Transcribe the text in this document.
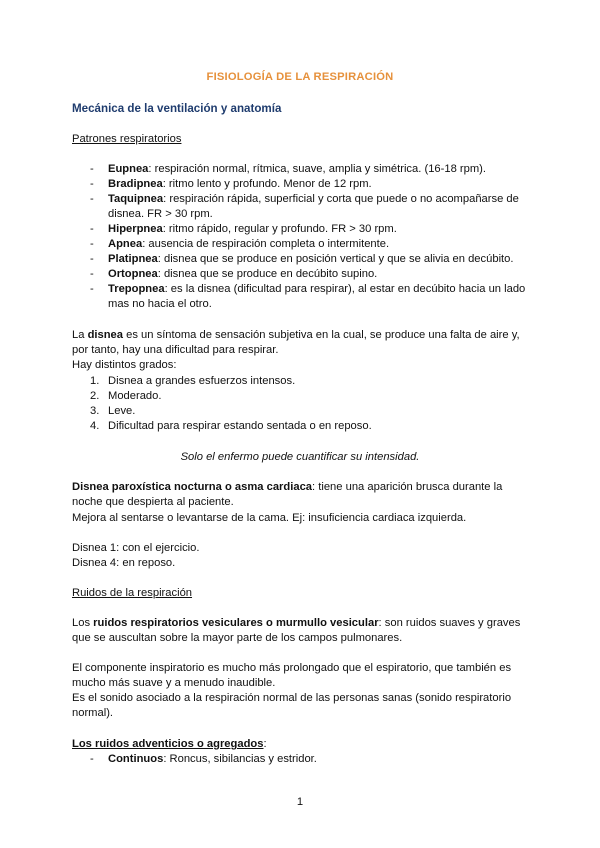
FISIOLOGÍA DE LA RESPIRACIÓN
Mecánica de la ventilación y anatomía
Patrones respiratorios
- Eupnea: respiración normal, rítmica, suave, amplia y simétrica. (16-18 rpm).
- Bradipnea: ritmo lento y profundo. Menor de 12 rpm.
- Taquipnea: respiración rápida, superficial y corta que puede o no acompañarse de disnea. FR > 30 rpm.
- Hiperpnea: ritmo rápido, regular y profundo. FR > 30 rpm.
- Apnea: ausencia de respiración completa o intermitente.
- Platipnea: disnea que se produce en posición vertical y que se alivia en decúbito.
- Ortopnea: disnea que se produce en decúbito supino.
- Trepopnea: es la disnea (dificultad para respirar), al estar en decúbito hacia un lado mas no hacia el otro.
La disnea es un síntoma de sensación subjetiva en la cual, se produce una falta de aire y,
por tanto, hay una dificultad para respirar.
Hay distintos grados:
1. Disnea a grandes esfuerzos intensos.
2. Moderado.
3. Leve.
4. Dificultad para respirar estando sentada o en reposo.
Solo el enfermo puede cuantificar su intensidad.
Disnea paroxística nocturna o asma cardiaca: tiene una aparición brusca durante la
noche que despierta al paciente.
Mejora al sentarse o levantarse de la cama. Ej: insuficiencia cardiaca izquierda.
Disnea 1: con el ejercicio.
Disnea 4: en reposo.
Ruidos de la respiración
Los ruidos respiratorios vesiculares o murmullo vesicular: son ruidos suaves y graves
que se auscultan sobre la mayor parte de los campos pulmonares.
El componente inspiratorio es mucho más prolongado que el espiratorio, que también es
mucho más suave y a menudo inaudible.
Es el sonido asociado a la respiración normal de las personas sanas (sonido respiratorio
normal).
Los ruidos adventicios o agregados:
- Continuos: Roncus, sibilancias y estridor.
1
